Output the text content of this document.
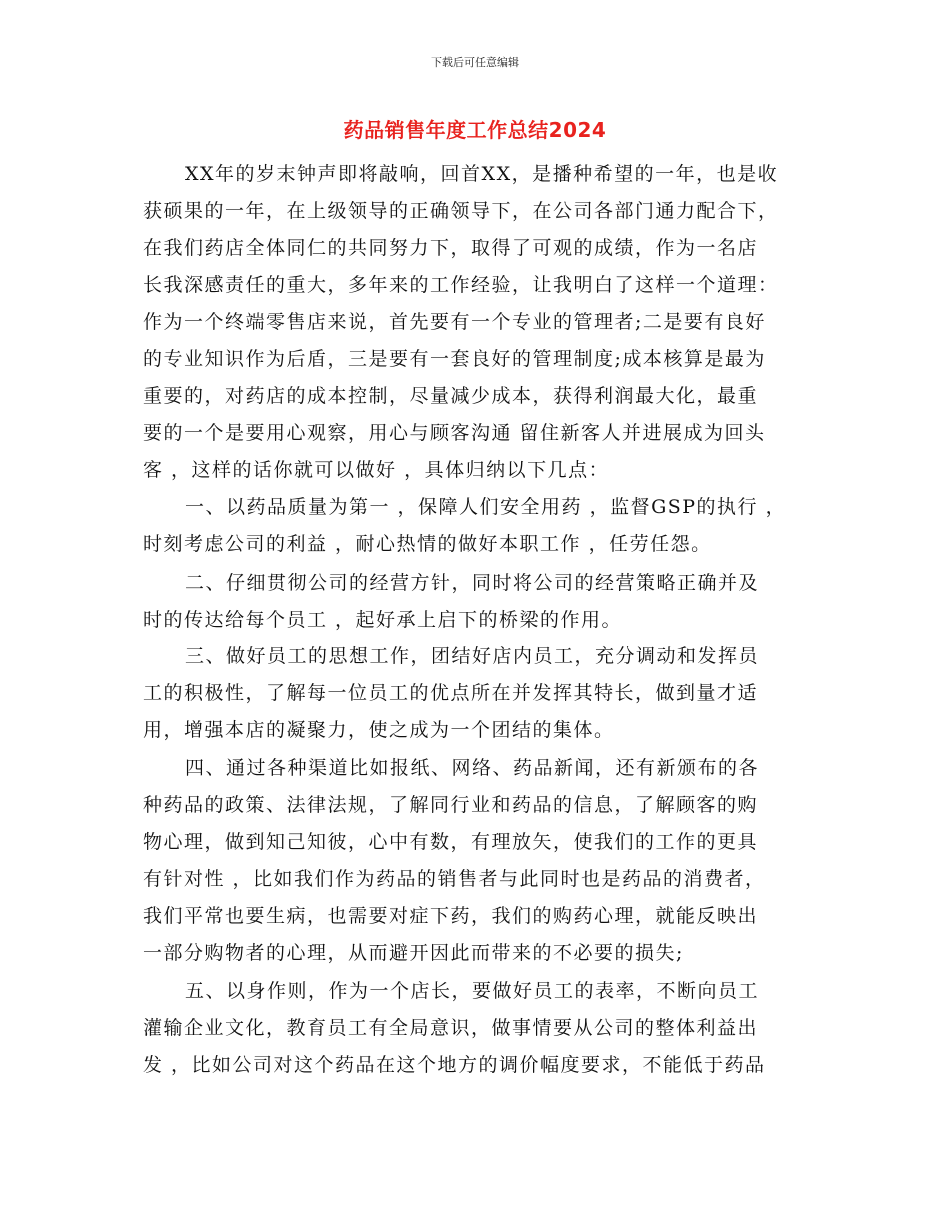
下载后可任意编辑
药品销售年度工作总结2024
XX年的岁末钟声即将敲响，回首XX，是播种希望的一年，也是收
获硕果的一年，在上级领导的正确领导下，在公司各部门通力配合下，
在我们药店全体同仁的共同努力下，取得了可观的成绩，作为一名店
长我深感责任的重大，多年来的工作经验，让我明白了这样一个道理：
作为一个终端零售店来说，首先要有一个专业的管理者;二是要有良好
的专业知识作为后盾，三是要有一套良好的管理制度;成本核算是最为
重要的，对药店的成本控制，尽量减少成本，获得利润最大化，最重
要的一个是要用心观察，用心与顾客沟通 留住新客人并进展成为回头
客 ，这样的话你就可以做好 ，具体归纳以下几点：
一、以药品质量为第一 ，保障人们安全用药 ，监督GSP的执行 ，
时刻考虑公司的利益 ，耐心热情的做好本职工作 ，任劳任怨。
二、仔细贯彻公司的经营方针，同时将公司的经营策略正确并及
时的传达给每个员工 ，起好承上启下的桥梁的作用。
三、做好员工的思想工作，团结好店内员工，充分调动和发挥员
工的积极性，了解每一位员工的优点所在并发挥其特长，做到量才适
用，增强本店的凝聚力，使之成为一个团结的集体。
四、通过各种渠道比如报纸、网络、药品新闻，还有新颁布的各
种药品的政策、法律法规，了解同行业和药品的信息，了解顾客的购
物心理，做到知己知彼，心中有数，有理放矢，使我们的工作的更具
有针对性 ，比如我们作为药品的销售者与此同时也是药品的消费者，
我们平常也要生病，也需要对症下药，我们的购药心理，就能反映出
一部分购物者的心理，从而避开因此而带来的不必要的损失;
五、以身作则，作为一个店长，要做好员工的表率，不断向员工
灌输企业文化，教育员工有全局意识，做事情要从公司的整体利益出
发 ，比如公司对这个药品在这个地方的调价幅度要求，不能低于药品
